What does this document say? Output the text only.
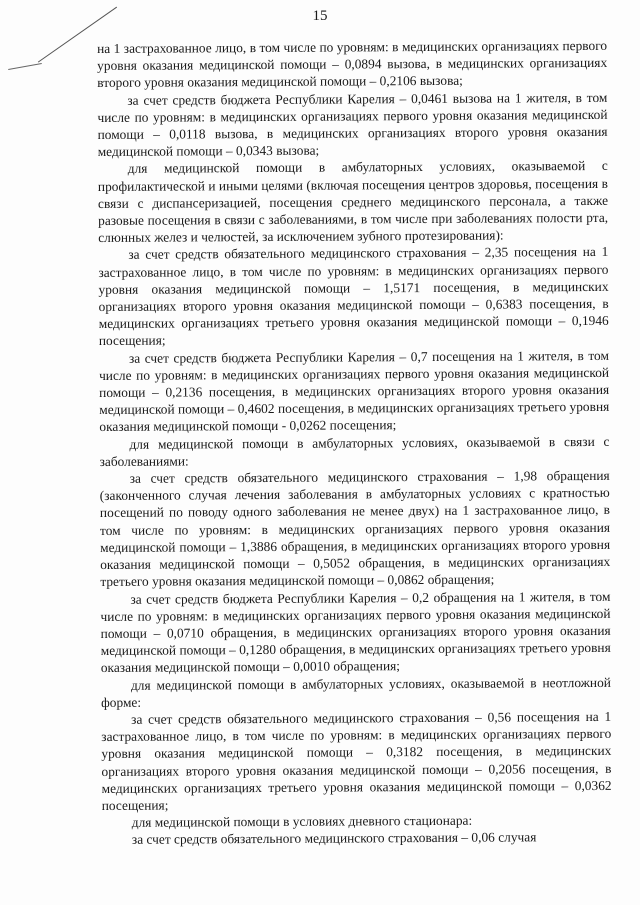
15

на 1 застрахованное лицо, в том числе по уровням: в медицинских организациях первого уровня оказания медицинской помощи – 0,0894 вызова, в медицинских организациях второго уровня оказания медицинской помощи – 0,2106 вызова;

за счет средств бюджета Республики Карелия – 0,0461 вызова на 1 жителя, в том числе по уровням: в медицинских организациях первого уровня оказания медицинской помощи – 0,0118 вызова, в медицинских организациях второго уровня оказания медицинской помощи – 0,0343 вызова;

для медицинской помощи в амбулаторных условиях, оказываемой с профилактической и иными целями (включая посещения центров здоровья, посещения в связи с диспансеризацией, посещения среднего медицинского персонала, а также разовые посещения в связи с заболеваниями, в том числе при заболеваниях полости рта, слюнных желез и челюстей, за исключением зубного протезирования):

за счет средств обязательного медицинского страхования – 2,35 посещения на 1 застрахованное лицо, в том числе по уровням: в медицинских организациях первого уровня оказания медицинской помощи – 1,5171 посещения, в медицинских организациях второго уровня оказания медицинской помощи – 0,6383 посещения, в медицинских организациях третьего уровня оказания медицинской помощи – 0,1946 посещения;

за счет средств бюджета Республики Карелия – 0,7 посещения на 1 жителя, в том числе по уровням: в медицинских организациях первого уровня оказания медицинской помощи – 0,2136 посещения, в медицинских организациях второго уровня оказания медицинской помощи – 0,4602 посещения, в медицинских организациях третьего уровня оказания медицинской помощи - 0,0262 посещения;

для медицинской помощи в амбулаторных условиях, оказываемой в связи с заболеваниями:

за счет средств обязательного медицинского страхования – 1,98 обращения (законченного случая лечения заболевания в амбулаторных условиях с кратностью посещений по поводу одного заболевания не менее двух) на 1 застрахованное лицо, в том числе по уровням: в медицинских организациях первого уровня оказания медицинской помощи – 1,3886 обращения, в медицинских организациях второго уровня оказания медицинской помощи – 0,5052 обращения, в медицинских организациях третьего уровня оказания медицинской помощи – 0,0862 обращения;

за счет средств бюджета Республики Карелия – 0,2 обращения на 1 жителя, в том числе по уровням: в медицинских организациях первого уровня оказания медицинской помощи – 0,0710 обращения, в медицинских организациях второго уровня оказания медицинской помощи – 0,1280 обращения, в медицинских организациях третьего уровня оказания медицинской помощи – 0,0010 обращения;

для медицинской помощи в амбулаторных условиях, оказываемой в неотложной форме:

за счет средств обязательного медицинского страхования – 0,56 посещения на 1 застрахованное лицо, в том числе по уровням: в медицинских организациях первого уровня оказания медицинской помощи – 0,3182 посещения, в медицинских организациях второго уровня оказания медицинской помощи – 0,2056 посещения, в медицинских организациях третьего уровня оказания медицинской помощи – 0,0362 посещения;

для медицинской помощи в условиях дневного стационара:

за счет средств обязательного медицинского страхования – 0,06 случая
